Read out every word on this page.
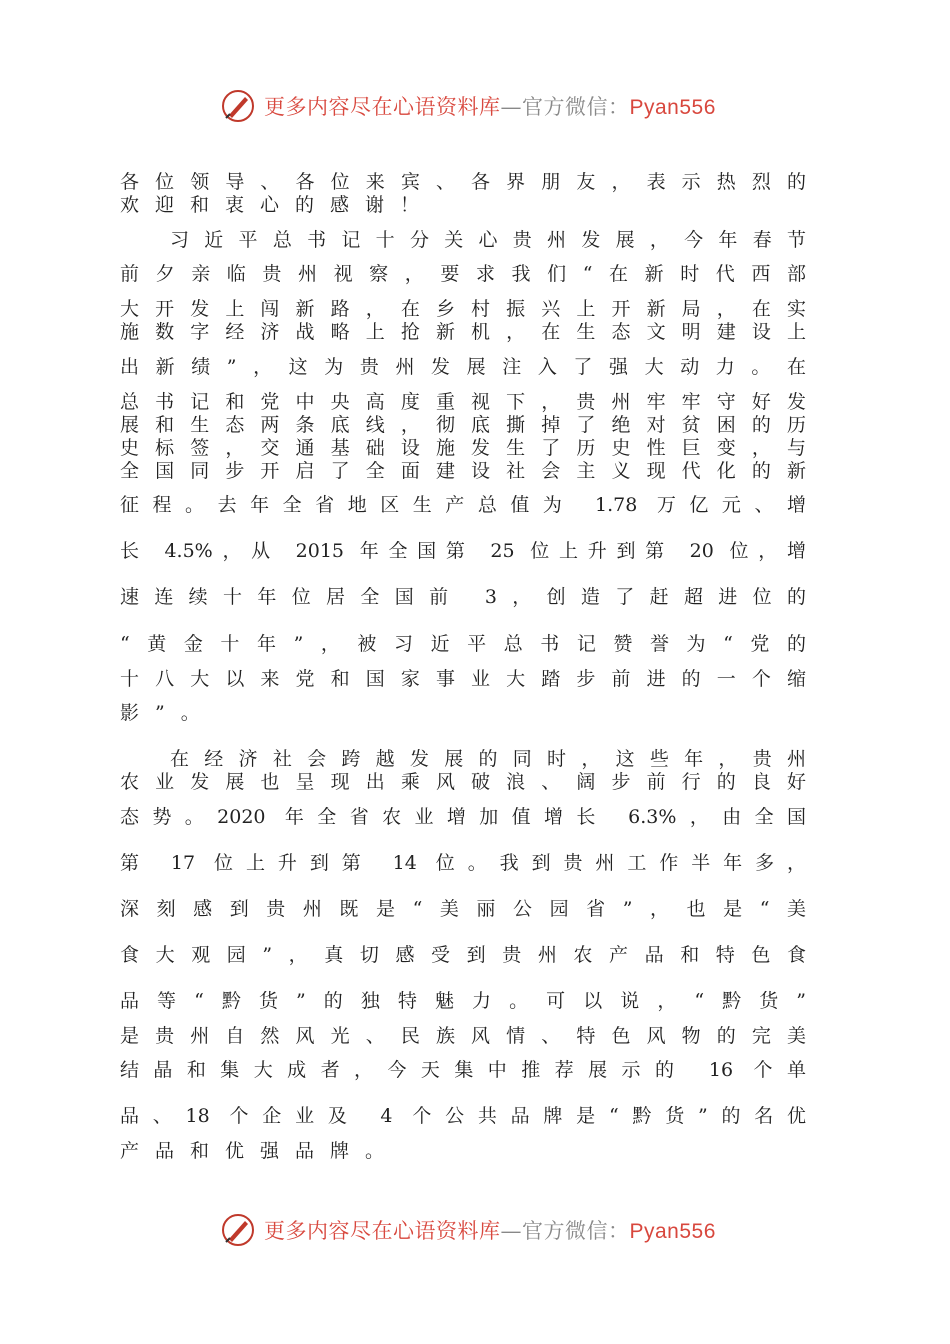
更多内容尽在心语资料库—官方微信：Pyan556
各位领导、各位来宾、各界朋友，表示热烈的
欢迎和衷心的感谢！
习近平总书记十分关心贵州发展，今年春节
前夕亲临贵州视察，要求我们“在新时代西部
大开发上闯新路，在乡村振兴上开新局，在实
施数字经济战略上抢新机，在生态文明建设上
出新绩”，这为贵州发展注入了强大动力。在
总书记和党中央高度重视下，贵州牢牢守好发
展和生态两条底线，彻底撕掉了绝对贫困的历
史标签，交通基础设施发生了历史性巨变，与
全国同步开启了全面建设社会主义现代化的新
征程。去年全省地区生产总值为 1.78 万亿元、增
长 4.5%，从 2015 年全国第 25 位上升到第 20 位，增
速连续十年位居全国前 3，创造了赶超进位的
“黄金十年”，被习近平总书记赞誉为“党的
十八大以来党和国家事业大踏步前进的一个缩
影”。
在经济社会跨越发展的同时，这些年，贵州
农业发展也呈现出乘风破浪、阔步前行的良好
态势。2020 年全省农业增加值增长 6.3%，由全国
第 17 位上升到第 14 位。我到贵州工作半年多，
深刻感到贵州既是“美丽公园省”，也是“美
食大观园”，真切感受到贵州农产品和特色食
品等“黔货”的独特魅力。可以说，“黔货”
是贵州自然风光、民族风情、特色风物的完美
结晶和集大成者，今天集中推荐展示的 16 个单
品、18 个企业及 4 个公共品牌是“黔货”的名优
产品和优强品牌。
更多内容尽在心语资料库—官方微信：Pyan556
